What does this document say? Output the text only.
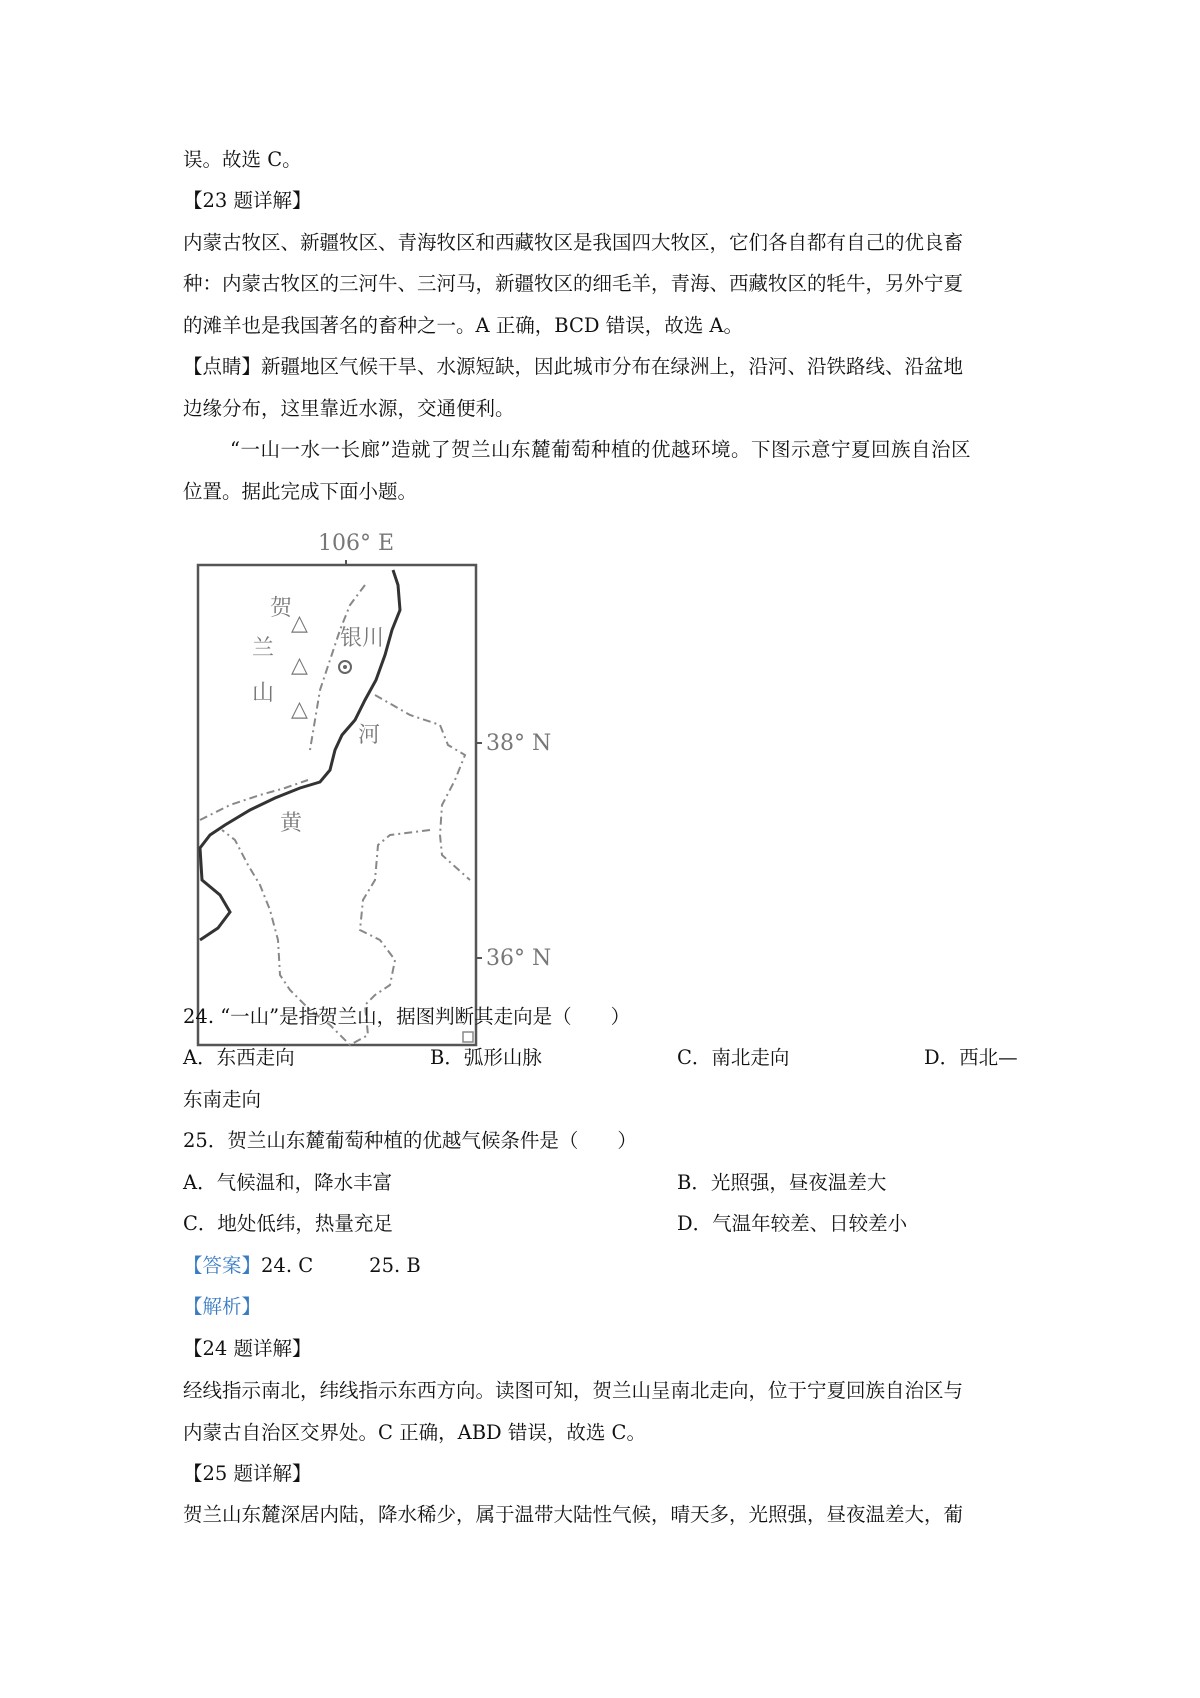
误。故选 C。
【23 题详解】
内蒙古牧区、新疆牧区、青海牧区和西藏牧区是我国四大牧区，它们各自都有自己的优良畜
种：内蒙古牧区的三河牛、三河马，新疆牧区的细毛羊，青海、西藏牧区的牦牛，另外宁夏
的滩羊也是我国著名的畜种之一。A 正确，BCD 错误，故选 A。
【点睛】新疆地区气候干旱、水源短缺，因此城市分布在绿洲上，沿河、沿铁路线、沿盆地
边缘分布，这里靠近水源，交通便利。
“一山一水一长廊”造就了贺兰山东麓葡萄种植的优越环境。下图示意宁夏回族自治区
位置。据此完成下面小题。
106° E
38° N
36° N
贺
兰
山
△
△
△
银川
河
黄
24. “一山”是指贺兰山，据图判断其走向是（　　）
A．东西走向	B．弧形山脉	C．南北走向	D．西北—
东南走向
25．贺兰山东麓葡萄种植的优越气候条件是（　　）
A．气候温和，降水丰富	B．光照强，昼夜温差大
C．地处低纬，热量充足	D．气温年较差、日较差小
【答案】24. C	25. B
【解析】
【24 题详解】
经线指示南北，纬线指示东西方向。读图可知，贺兰山呈南北走向，位于宁夏回族自治区与
内蒙古自治区交界处。C 正确，ABD 错误，故选 C。
【25 题详解】
贺兰山东麓深居内陆，降水稀少，属于温带大陆性气候，晴天多，光照强，昼夜温差大，葡
